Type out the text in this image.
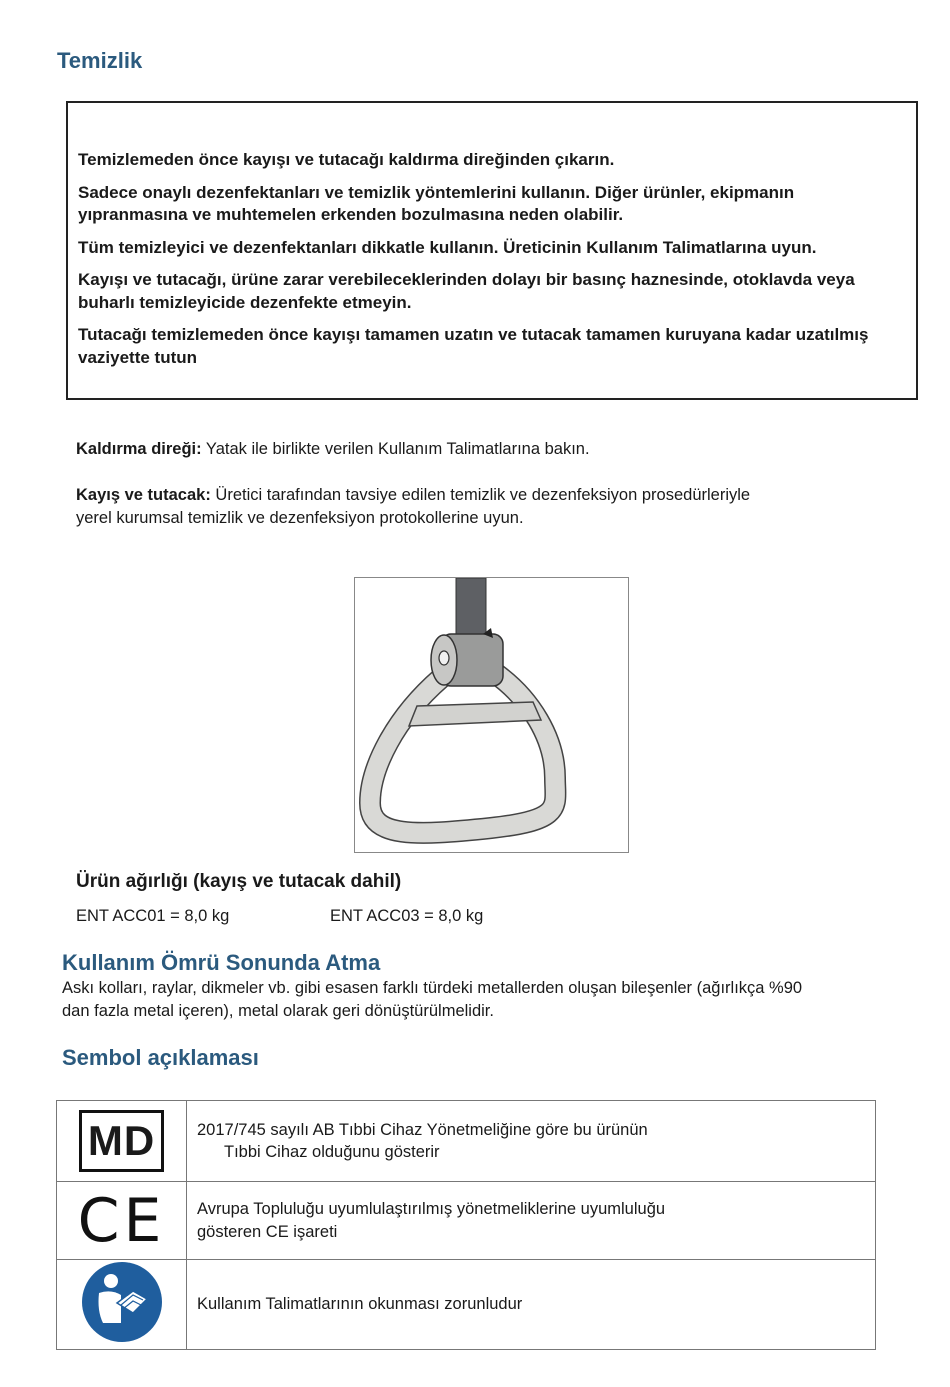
Temizlik

Temizlemeden önce kayışı ve tutacağı kaldırma direğinden çıkarın.

Sadece onaylı dezenfektanları ve temizlik yöntemlerini kullanın. Diğer ürünler, ekipmanın yıpranmasına ve muhtemelen erkenden bozulmasına neden olabilir.

Tüm temizleyici ve dezenfektanları dikkatle kullanın. Üreticinin Kullanım Talimatlarına uyun.

Kayışı ve tutacağı, ürüne zarar verebileceklerinden dolayı bir basınç haznesinde, otoklavda veya buharlı temizleyicide dezenfekte etmeyin.

Tutacağı temizlemeden önce kayışı tamamen uzatın ve tutacak tamamen kuruyana kadar uzatılmış vaziyette tutun

Kaldırma direği: Yatak ile birlikte verilen Kullanım Talimatlarına bakın.
Kayış ve tutacak: Üretici tarafından tavsiye edilen temizlik ve dezenfeksiyon prosedürleriyle yerel kurumsal temizlik ve dezenfeksiyon protokollerine uyun.
Ürün ağırlığı (kayış ve tutacak dahil)
ENT ACC01 = 8,0 kg	ENT ACC03 = 8,0 kg
Kullanım Ömrü Sonunda Atma
Askı kolları, raylar, dikmeler vb. gibi esasen farklı türdeki metallerden oluşan bileşenler (ağırlıkça %90 dan fazla metal içeren), metal olarak geri dönüştürülmelidir.
Sembol açıklaması
MD	2017/745 sayılı AB Tıbbi Cihaz Yönetmeliğine göre bu ürünün
Tıbbi Cihaz olduğunu gösterir

CE	Avrupa Topluluğu uyumlulaştırılmış yönetmeliklerine uyumluluğu
gösteren CE işareti

Kullanım Talimatlarının okunması zorunludur
